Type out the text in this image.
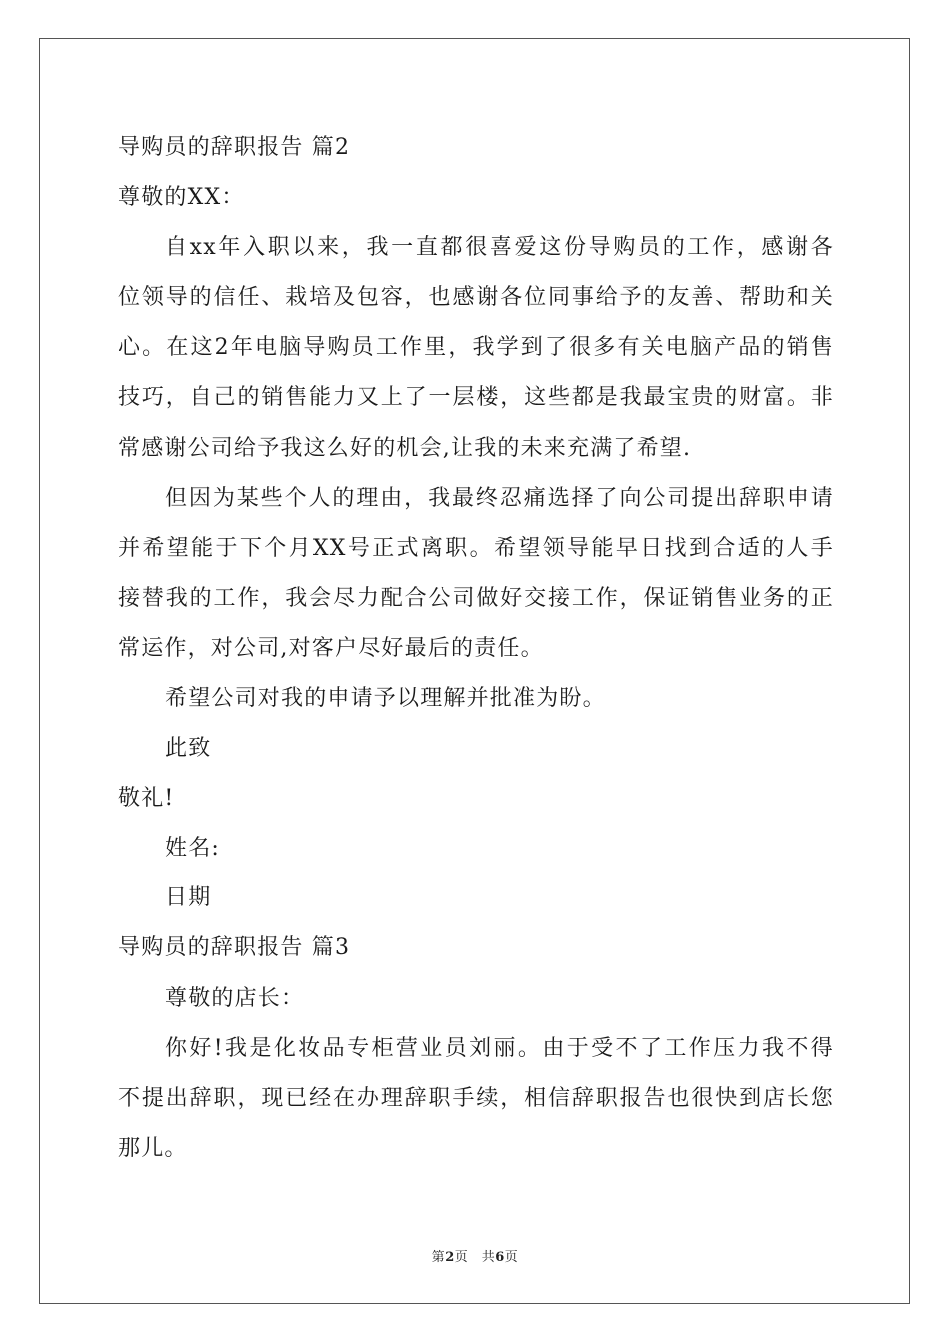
导购员的辞职报告 篇2
尊敬的XX：
自xx年入职以来，我一直都很喜爱这份导购员的工作，感谢各
位领导的信任、栽培及包容，也感谢各位同事给予的友善、帮助和关
心。在这2年电脑导购员工作里，我学到了很多有关电脑产品的销售
技巧，自己的销售能力又上了一层楼，这些都是我最宝贵的财富。非
常感谢公司给予我这么好的机会,让我的未来充满了希望.
但因为某些个人的理由，我最终忍痛选择了向公司提出辞职申请
并希望能于下个月XX号正式离职。希望领导能早日找到合适的人手
接替我的工作，我会尽力配合公司做好交接工作，保证销售业务的正
常运作，对公司,对客户尽好最后的责任。
希望公司对我的申请予以理解并批准为盼。
此致
敬礼!
姓名:
日期
导购员的辞职报告 篇3
尊敬的店长：
你好!我是化妆品专柜营业员刘丽。由于受不了工作压力我不得
不提出辞职，现已经在办理辞职手续，相信辞职报告也很快到店长您
那儿。
第2页　共6页
